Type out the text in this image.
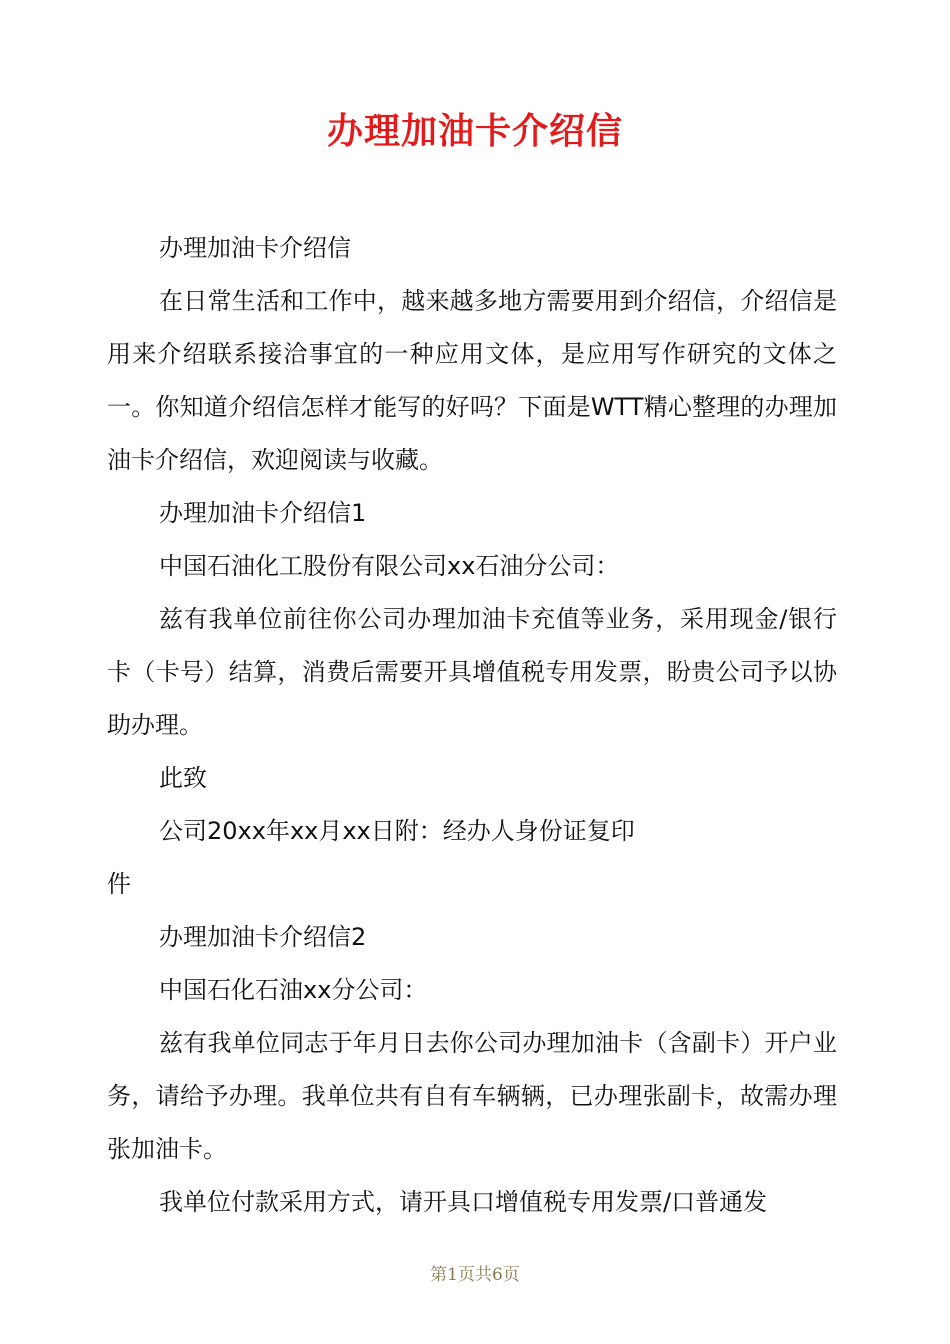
办理加油卡介绍信

办理加油卡介绍信

在日常生活和工作中，越来越多地方需要用到介绍信，介绍信是用来介绍联系接洽事宜的一种应用文体，是应用写作研究的文体之一。你知道介绍信怎样才能写的好吗？下面是WTT精心整理的办理加油卡介绍信，欢迎阅读与收藏。

办理加油卡介绍信1

中国石油化工股份有限公司xx石油分公司：

兹有我单位前往你公司办理加油卡充值等业务，采用现金/银行卡（卡号）结算，消费后需要开具增值税专用发票，盼贵公司予以协助办理。

此致

公司20xx年xx月xx日附：经办人身份证复印

件

办理加油卡介绍信2

中国石化石油xx分公司：

兹有我单位同志于年月日去你公司办理加油卡（含副卡）开户业务，请给予办理。我单位共有自有车辆辆，已办理张副卡，故需办理张加油卡。

我单位付款采用方式，请开具口增值税专用发票/口普通发

第1页共6页
